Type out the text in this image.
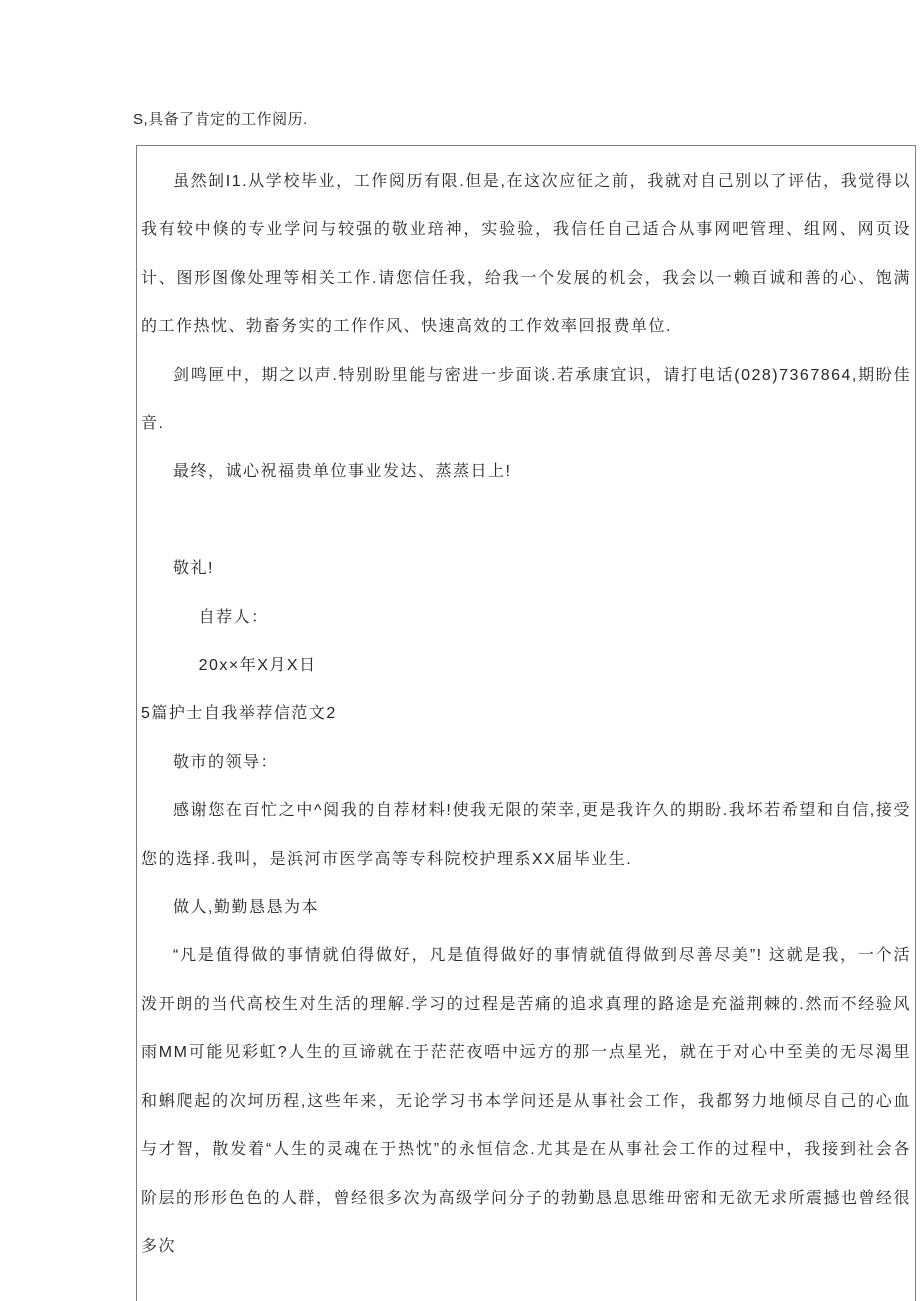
S,具备了肯定的工作阅历.

虽然㓡I1.从学校毕业，工作阅历有限.但是,在这次应征之前，我就对自己别以了评估，我觉得以我有较中倏的专业学问与较强的敬业琣神，实验验，我信任自己适合从事网吧管理、组网、网页设计、图形图像处理等相关工作.请您信任我，给我一个发展的机会，我会以一赖百诚和善的心、饱满的工作热忱、勃畜务实的工作作风、快速高效的工作效率回报费单位.

剑鸣匣中，期之以声.特别盼里能与密进一步面谈.若承康宜识，请打电话(028)7367864,期盼佳音.

最终，诚心祝福贵单位事业发达、蒸蒸日上!

敬礼!

自荐人：

20x×年X月X日

5篇护士自我举荐信范文2

敬市的领导：

感谢您在百忙之中^阅我的自荐材料!使我无限的荣幸,更是我许久的期盼.我坏若希望和自信,接受您的选择.我叫，是浜河市医学高等专科院校护理系XX届毕业生.

做人,勤勤恳恳为本

“凡是值得做的事情就伯得做好，凡是值得做好的事情就值得做到尽善尽美”! 这就是我，一个活泼开朗的当代高校生对生活的理解.学习的过程是苦痛的追求真理的路途是充溢荆棘的.然而不经验风雨MM可能见彩虹?人生的亘谛就在于茫茫夜唔中远方的那一点星光，就在于对心中至美的无尽渴里和蝌爬起的次坷历程,这些年来，无论学习书本学问还是从事社会工作，我都努力地倾尽自己的心血与才智，散发着“人生的灵魂在于热忱”的永恒信念.尤其是在从事社会工作的过程中，我接到社会各阶层的形形色色的人群，曾经很多次为高级学问分子的勃勤恳息思维毌密和无欲无求所震撼也曾经很多次
